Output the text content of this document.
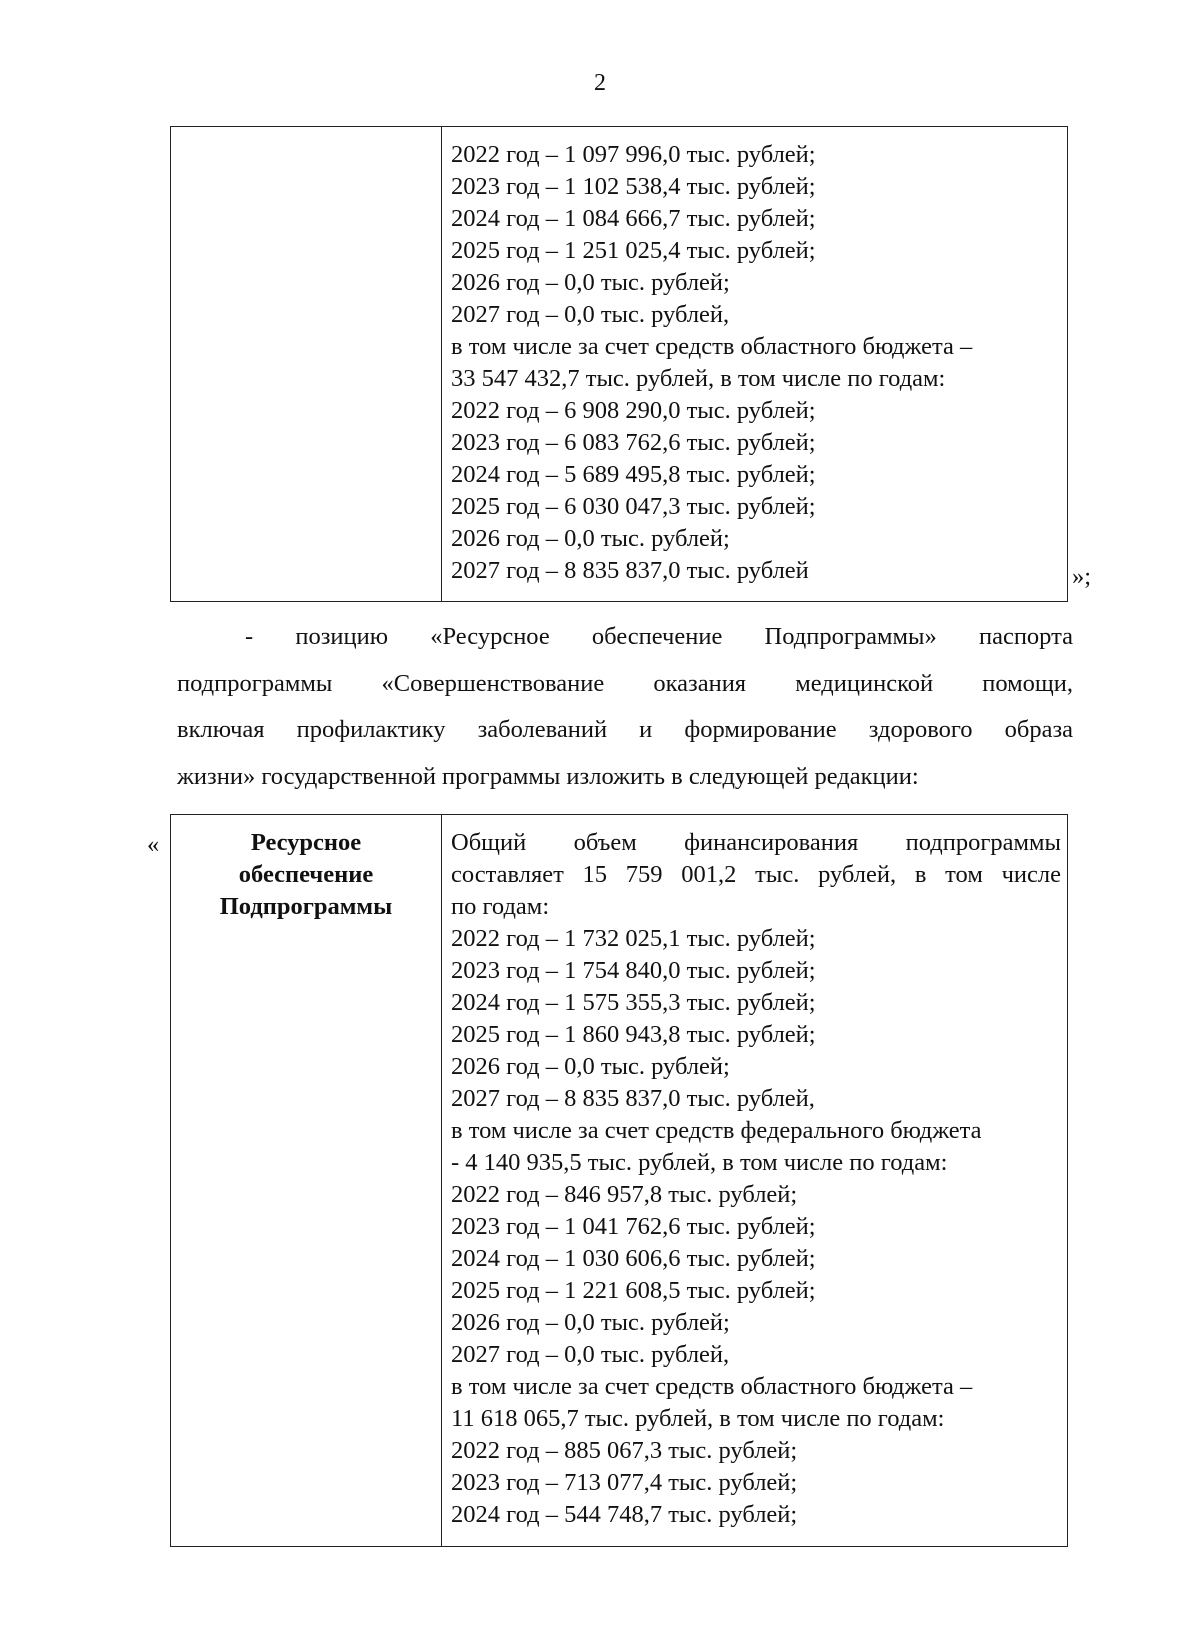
2
2022 год – 1 097 996,0 тыс. рублей;
2023 год – 1 102 538,4 тыс. рублей;
2024 год – 1 084 666,7 тыс. рублей;
2025 год – 1 251 025,4 тыс. рублей;
2026 год – 0,0 тыс. рублей;
2027 год – 0,0 тыс. рублей,
в том числе за счет средств областного бюджета –
33 547 432,7 тыс. рублей, в том числе по годам:
2022 год – 6 908 290,0 тыс. рублей;
2023 год – 6 083 762,6 тыс. рублей;
2024 год – 5 689 495,8 тыс. рублей;
2025 год – 6 030 047,3 тыс. рублей;
2026 год – 0,0 тыс. рублей;
2027 год – 8 835 837,0 тыс. рублей	»;
- позицию «Ресурсное обеспечение Подпрограммы» паспорта
подпрограммы «Совершенствование оказания медицинской помощи,
включая профилактику заболеваний и формирование здорового образа
жизни» государственной программы изложить в следующей редакции:
«	Ресурсное
обеспечение
Подпрограммы
Общий объем финансирования подпрограммы
составляет 15 759 001,2 тыс. рублей, в том числе
по годам:
2022 год – 1 732 025,1 тыс. рублей;
2023 год – 1 754 840,0 тыс. рублей;
2024 год – 1 575 355,3 тыс. рублей;
2025 год – 1 860 943,8 тыс. рублей;
2026 год – 0,0 тыс. рублей;
2027 год – 8 835 837,0 тыс. рублей,
в том числе за счет средств федерального бюджета
- 4 140 935,5 тыс. рублей, в том числе по годам:
2022 год – 846 957,8 тыс. рублей;
2023 год – 1 041 762,6 тыс. рублей;
2024 год – 1 030 606,6 тыс. рублей;
2025 год – 1 221 608,5 тыс. рублей;
2026 год – 0,0 тыс. рублей;
2027 год – 0,0 тыс. рублей,
в том числе за счет средств областного бюджета –
11 618 065,7 тыс. рублей, в том числе по годам:
2022 год – 885 067,3 тыс. рублей;
2023 год – 713 077,4 тыс. рублей;
2024 год – 544 748,7 тыс. рублей;
